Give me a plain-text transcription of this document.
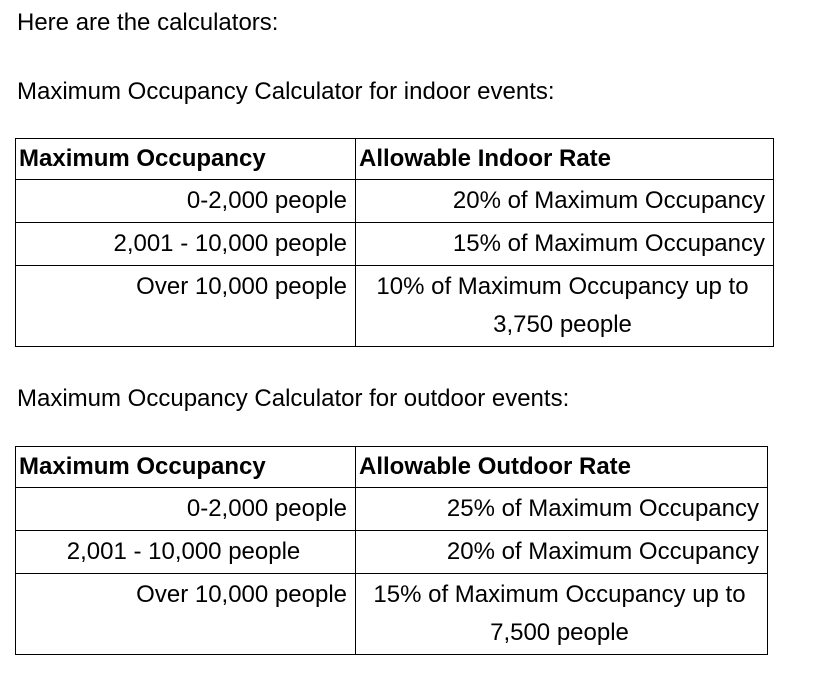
Here are the calculators:

Maximum Occupancy Calculator for indoor events:

Maximum Occupancy	Allowable Indoor Rate
0-2,000 people	20% of Maximum Occupancy
2,001 - 10,000 people	15% of Maximum Occupancy
Over 10,000 people	10% of Maximum Occupancy up to 3,750 people

Maximum Occupancy Calculator for outdoor events:

Maximum Occupancy	Allowable Outdoor Rate
0-2,000 people	25% of Maximum Occupancy
2,001 - 10,000 people	20% of Maximum Occupancy
Over 10,000 people	15% of Maximum Occupancy up to 7,500 people
